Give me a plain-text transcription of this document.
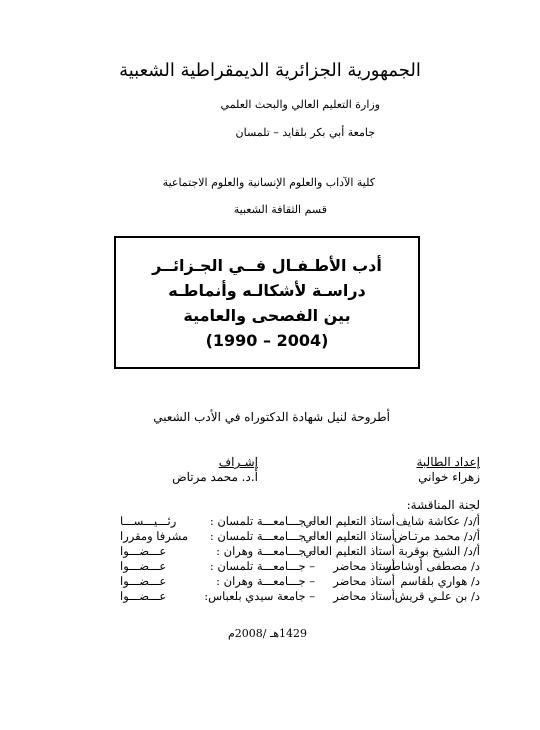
الجمهورية الجزائرية الديمقراطية الشعبية
وزارة التعليم العالي والبحث العلمي
جامعة أبي بكر بلقايد – تلمسان
كلية الآداب والعلوم الإنسانية والعلوم الاجتماعية
قسم الثقافة الشعبية
أدب الأطـفـال فــي الجـزائــر
دراسـة لأشكالـه وأنماطـه
بين الفصحى والعامية
(1990 – 2004)
أطروحة لنيل شهادة الدكتوراه في الأدب الشعبي
إعداد الطالبة
زهراء خواني
إشـراف
أ.د. محمد مرتاض
لجنة المناقشة:
أ/د/ عكاشة شايف
أستاذ التعليم العالي
– جـــامعـــة تلمسان :
رئـــيـــســـا
أ/د/ محمد مرتـاض
أستاذ التعليم العالي
– جـــامعـــة تلمسان :
مشرفا ومقررا
أ/د/ الشيخ بوقربة
أستاذ التعليم العالي
– جـــامعـــة وهران :
عـــضـــوا
د/ مصطفى أوشاطر
أستاذ محاضر
– جـــامعـــة تلمسان :
عـــضـــوا
د/ هواري بلقاسم
أستاذ محاضر
– جـــامعـــة وهران :
عـــضـــوا
د/ بن علـي قريش
أستاذ محاضر
– جامعة سيدي بلعباس:
عـــضـــوا
1429هـ /2008م
